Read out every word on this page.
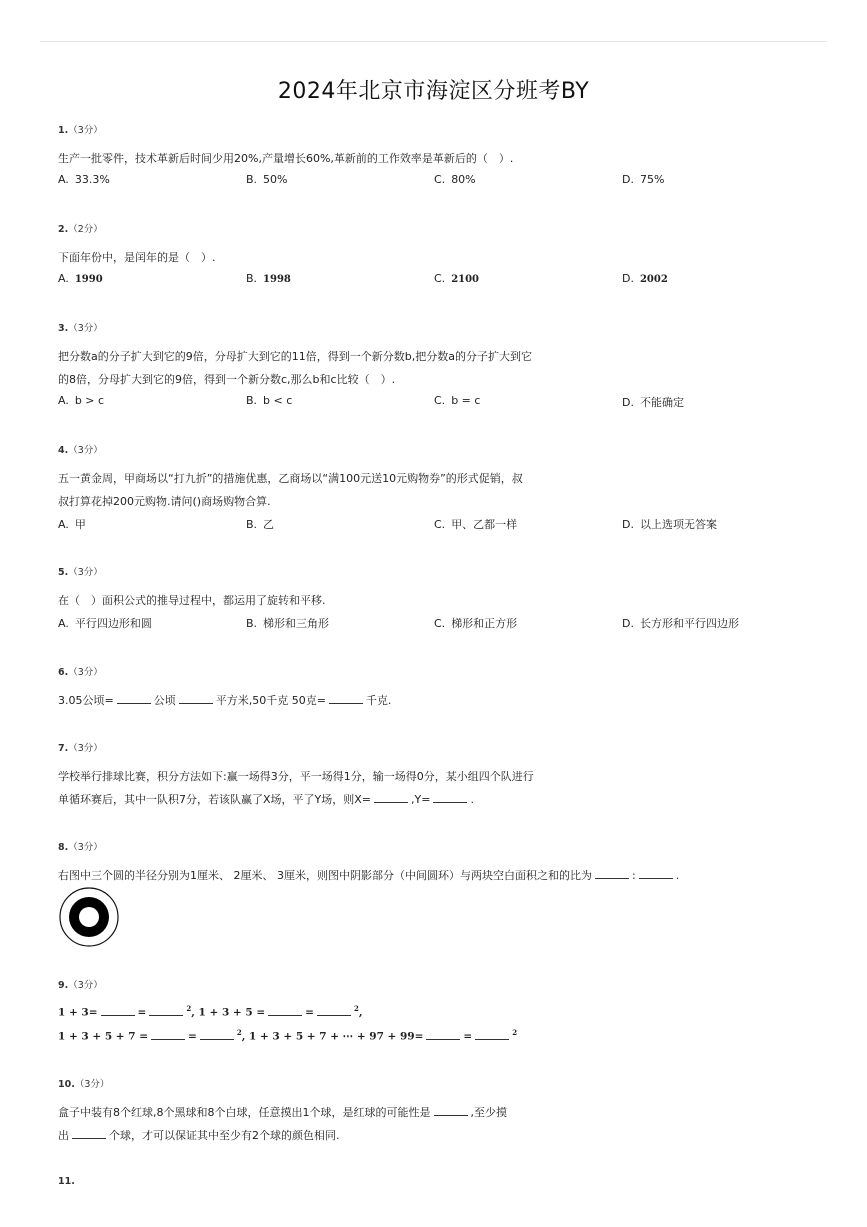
2024年北京市海淀区分班考BY
1.（3分）
生产一批零件，技术革新后时间少用20%,产量增长60%,革新前的工作效率是革新后的（　）.
A. 33.3%	B. 50%	C. 80%	D. 75%
2.（2分）
下面年份中，是闰年的是（　）.
A. 1990	B. 1998	C. 2100	D. 2002
3.（3分）
把分数a的分子扩大到它的9倍，分母扩大到它的11倍，得到一个新分数b,把分数a的分子扩大到它
的8倍，分母扩大到它的9倍，得到一个新分数c,那么b和c比较（　）.
A. b > c	B. b < c	C. b = c	D. 不能确定
4.（3分）
五一黄金周，甲商场以“打九折”的措施优惠，乙商场以“满100元送10元购物券”的形式促销，叔
叔打算花掉200元购物.请问()商场购物合算.
A. 甲	B. 乙	C. 甲、乙都一样	D. 以上选项无答案
5.（3分）
在（　）面积公式的推导过程中，都运用了旋转和平移.
A. 平行四边形和圆	B. 梯形和三角形	C. 梯形和正方形	D. 长方形和平行四边形
6.（3分）
3.05公顷=	公顷	平方米,50千克 50克=	千克.
7.（3分）
学校举行排球比赛，积分方法如下:赢一场得3分，平一场得1分，输一场得0分，某小组四个队进行
单循环赛后，其中一队积7分，若该队赢了X场，平了Y场，则X=	,Y=	.
8.（3分）
右图中三个圆的半径分别为1厘米、 2厘米、 3厘米，则图中阴影部分（中间圆环）与两块空白面积之和的比为	:	.
9.（3分）
1 + 3=	=	$^2$, 1 + 3 + 5 =	=	$^2$,
1 + 3 + 5 + 7 =	=	$^2$, 1 + 3 + 5 + 7 + ⋯ + 97 + 99=	=	$^2$
10.（3分）
盒子中装有8个红球,8个黑球和8个白球，任意摸出1个球，是红球的可能性是	,至少摸
出	个球，才可以保证其中至少有2个球的颜色相同.
11.
